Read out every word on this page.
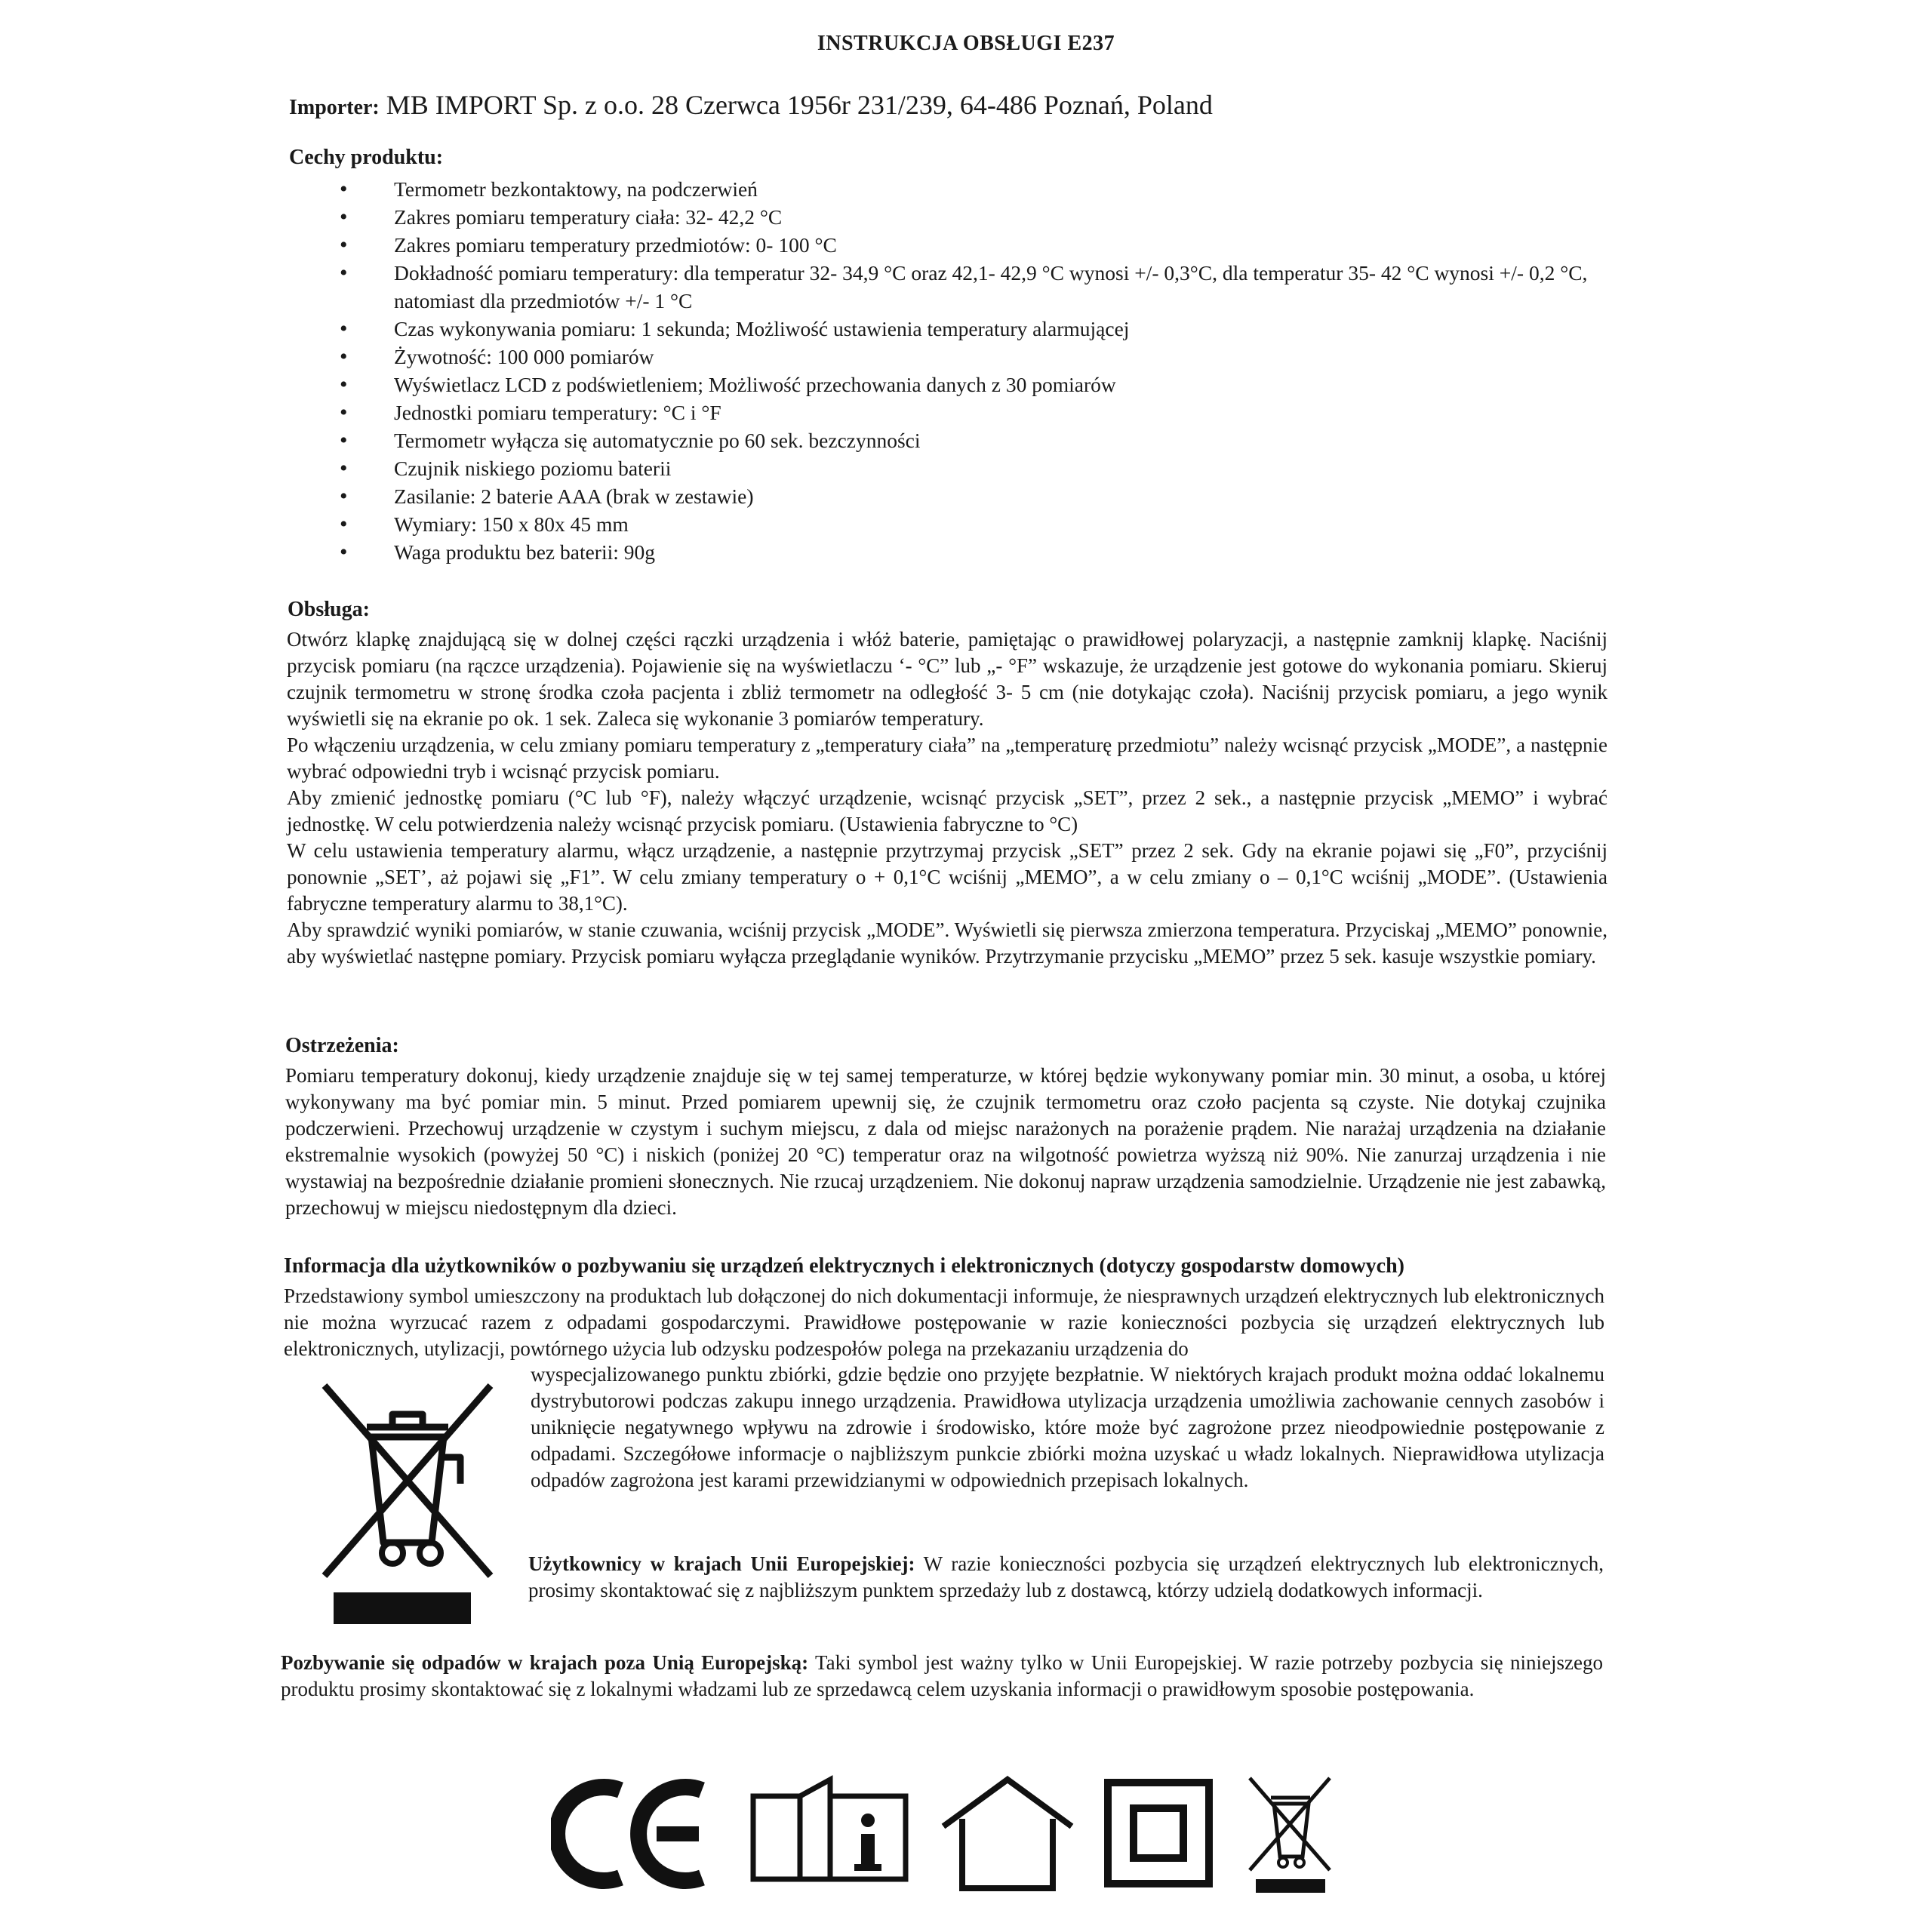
INSTRUKCJA OBSŁUGI E237
Importer: MB IMPORT Sp. z o.o. 28 Czerwca 1956r 231/239, 64-486 Poznań, Poland
Cechy produktu:
• Termometr bezkontaktowy, na podczerwień
• Zakres pomiaru temperatury ciała: 32- 42,2 °C
• Zakres pomiaru temperatury przedmiotów: 0- 100 °C
• Dokładność pomiaru temperatury: dla temperatur 32- 34,9 °C oraz 42,1- 42,9 °C wynosi +/- 0,3°C, dla temperatur 35- 42 °C wynosi +/- 0,2 °C, natomiast dla przedmiotów +/- 1 °C
• Czas wykonywania pomiaru: 1 sekunda; Możliwość ustawienia temperatury alarmującej
• Żywotność: 100 000 pomiarów
• Wyświetlacz LCD z podświetleniem; Możliwość przechowania danych z 30 pomiarów
• Jednostki pomiaru temperatury: °C i °F
• Termometr wyłącza się automatycznie po 60 sek. bezczynności
• Czujnik niskiego poziomu baterii
• Zasilanie: 2 baterie AAA (brak w zestawie)
• Wymiary: 150 x 80x 45 mm
• Waga produktu bez baterii: 90g
Obsługa:

Otwórz klapkę znajdującą się w dolnej części rączki urządzenia i włóż baterie, pamiętając o prawidłowej polaryzacji, a następnie zamknij klapkę. Naciśnij przycisk pomiaru (na rączce urządzenia). Pojawienie się na wyświetlaczu ‘- °C” lub „- °F” wskazuje, że urządzenie jest gotowe do wykonania pomiaru. Skieruj czujnik termometru w stronę środka czoła pacjenta i zbliż termometr na odległość 3- 5 cm (nie dotykając czoła). Naciśnij przycisk pomiaru, a jego wynik wyświetli się na ekranie po ok. 1 sek. Zaleca się wykonanie 3 pomiarów temperatury.

Po włączeniu urządzenia, w celu zmiany pomiaru temperatury z „temperatury ciała” na „temperaturę przedmiotu” należy wcisnąć przycisk „MODE”, a następnie wybrać odpowiedni tryb i wcisnąć przycisk pomiaru.

Aby zmienić jednostkę pomiaru (°C lub °F), należy włączyć urządzenie, wcisnąć przycisk „SET”, przez 2 sek., a następnie przycisk „MEMO” i wybrać jednostkę. W celu potwierdzenia należy wcisnąć przycisk pomiaru. (Ustawienia fabryczne to °C)

W celu ustawienia temperatury alarmu, włącz urządzenie, a następnie przytrzymaj przycisk „SET” przez 2 sek. Gdy na ekranie pojawi się „F0”, przyciśnij ponownie „SET’, aż pojawi się „F1”. W celu zmiany temperatury o + 0,1°C wciśnij „MEMO”, a w celu zmiany o – 0,1°C wciśnij „MODE”. (Ustawienia fabryczne temperatury alarmu to 38,1°C).

Aby sprawdzić wyniki pomiarów, w stanie czuwania, wciśnij przycisk „MODE”. Wyświetli się pierwsza zmierzona temperatura. Przyciskaj „MEMO” ponownie, aby wyświetlać następne pomiary. Przycisk pomiaru wyłącza przeglądanie wyników. Przytrzymanie przycisku „MEMO” przez 5 sek. kasuje wszystkie pomiary.

Ostrzeżenia:
Pomiaru temperatury dokonuj, kiedy urządzenie znajduje się w tej samej temperaturze, w której będzie wykonywany pomiar min. 30 minut, a osoba, u której wykonywany ma być pomiar min. 5 minut. Przed pomiarem upewnij się, że czujnik termometru oraz czoło pacjenta są czyste. Nie dotykaj czujnika podczerwieni. Przechowuj urządzenie w czystym i suchym miejscu, z dala od miejsc narażonych na porażenie prądem. Nie narażaj urządzenia na działanie ekstremalnie wysokich (powyżej 50 °C) i niskich (poniżej 20 °C) temperatur oraz na wilgotność powietrza wyższą niż 90%. Nie zanurzaj urządzenia i nie wystawiaj na bezpośrednie działanie promieni słonecznych. Nie rzucaj urządzeniem. Nie dokonuj napraw urządzenia samodzielnie. Urządzenie nie jest zabawką, przechowuj w miejscu niedostępnym dla dzieci.
Informacja dla użytkowników o pozbywaniu się urządzeń elektrycznych i elektronicznych (dotyczy gospodarstw domowych)
Przedstawiony symbol umieszczony na produktach lub dołączonej do nich dokumentacji informuje, że niesprawnych urządzeń elektrycznych lub elektronicznych nie można wyrzucać razem z odpadami gospodarczymi. Prawidłowe postępowanie w razie konieczności pozbycia się urządzeń elektrycznych lub elektronicznych, utylizacji, powtórnego użycia lub odzysku podzespołów polega na przekazaniu urządzenia do
wyspecjalizowanego punktu zbiórki, gdzie będzie ono przyjęte bezpłatnie. W niektórych krajach produkt można oddać lokalnemu dystrybutorowi podczas zakupu innego urządzenia. Prawidłowa utylizacja urządzenia umożliwia zachowanie cennych zasobów i uniknięcie negatywnego wpływu na zdrowie i środowisko, które może być zagrożone przez nieodpowiednie postępowanie z odpadami. Szczegółowe informacje o najbliższym punkcie zbiórki można uzyskać u władz lokalnych. Nieprawidłowa utylizacja odpadów zagrożona jest karami przewidzianymi w odpowiednich przepisach lokalnych.
Użytkownicy w krajach Unii Europejskiej: W razie konieczności pozbycia się urządzeń elektrycznych lub elektronicznych, prosimy skontaktować się z najbliższym punktem sprzedaży lub z dostawcą, którzy udzielą dodatkowych informacji.
Pozbywanie się odpadów w krajach poza Unią Europejską: Taki symbol jest ważny tylko w Unii Europejskiej. W razie potrzeby pozbycia się niniejszego produktu prosimy skontaktować się z lokalnymi władzami lub ze sprzedawcą celem uzyskania informacji o prawidłowym sposobie postępowania.
